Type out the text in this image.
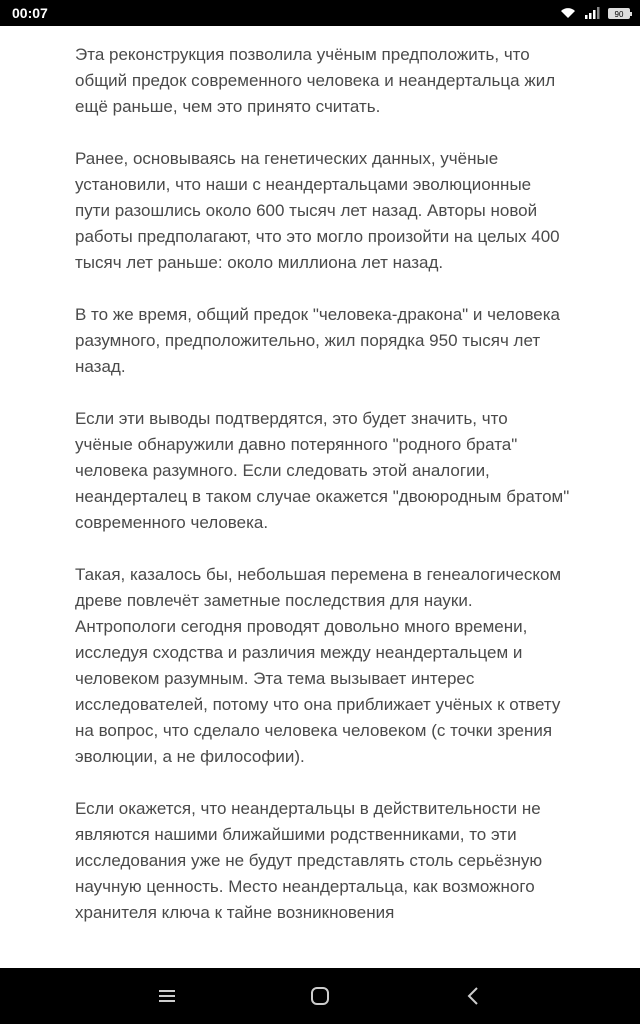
00:07	90

Эта реконструкция позволила учёным предположить, что общий предок современного человека и неандертальца жил ещё раньше, чем это принято считать.

Ранее, основываясь на генетических данных, учёные установили, что наши с неандертальцами эволюционные пути разошлись около 600 тысяч лет назад. Авторы новой работы предполагают, что это могло произойти на целых 400 тысяч лет раньше: около миллиона лет назад.

В то же время, общий предок "человека-дракона" и человека разумного, предположительно, жил порядка 950 тысяч лет назад.

Если эти выводы подтвердятся, это будет значить, что учёные обнаружили давно потерянного "родного брата" человека разумного. Если следовать этой аналогии, неандерталец в таком случае окажется "двоюродным братом" современного человека.

Такая, казалось бы, небольшая перемена в генеалогическом древе повлечёт заметные последствия для науки. Антропологи сегодня проводят довольно много времени, исследуя сходства и различия между неандертальцем и человеком разумным. Эта тема вызывает интерес исследователей, потому что она приближает учёных к ответу на вопрос, что сделало человека человеком (с точки зрения эволюции, а не философии).

Если окажется, что неандертальцы в действительности не являются нашими ближайшими родственниками, то эти исследования уже не будут представлять столь серьёзную научную ценность. Место неандертальца, как возможного хранителя ключа к тайне возникновения
